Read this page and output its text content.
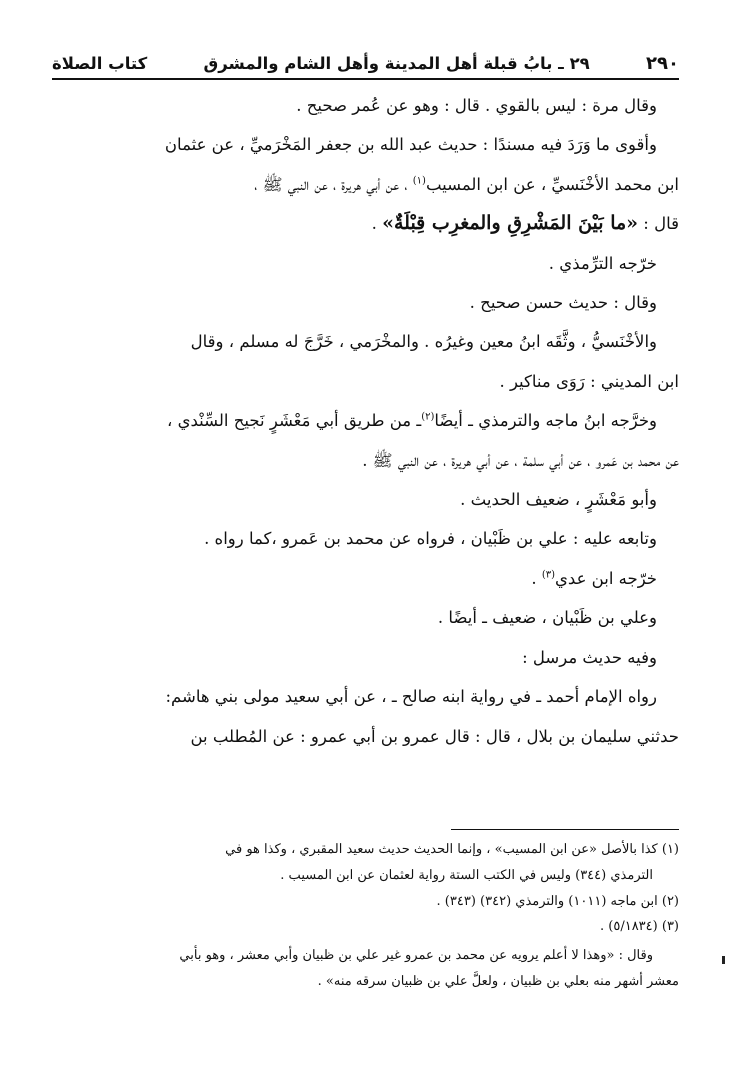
٢٩٠
٢٩ ـ بابُ قبلة أهل المدينة وأهل الشام والمشرق
كتاب الصلاة

وقال مرة : ليس بالقوي . قال : وهو عن عُمر صحيح .

وأقوى ما وَرَدَ فيه مسندًا : حديث عبد الله بن جعفر المَخْرَميِّ ، عن عثمان

ابن محمد الأخْنَسيِّ ، عن ابن المسيب$^{(١)}$ ، عن أبي هريرة ، عن النبي ﷺ ،

قال : «ما بَيْنَ المَشْرِقِ والمغرِب قِبْلَةٌ» .

خرّجه الترِّمذي .

وقال : حديث حسن صحيح .

والأخْنَسيُّ ، وثَّقَه ابنُ معين وغيرُه . والمخْرَمي ، خَرَّجَ له مسلم ، وقال

ابن المديني : رَوَى مناكير .

وخرَّجه ابنُ ماجه والترمذي ـ أيضًا$^{(٢)}$ـ من طريق أبي مَعْشَرٍ نَجيح السِّنْدي ،

عن محمد بن عَمرو ، عن أبي سلمة ، عن أبي هريرة ، عن النبي ﷺ .

وأبو مَعْشَرٍ ، ضعيف الحديث .

وتابعه عليه : علي بن ظَبْيان ، فرواه عن محمد بن عَمرو ،كما رواه .

خرّجه ابن عدي$^{(٣)}$ .

وعلي بن ظَبْيان ، ضعيف ـ أيضًا .

وفيه حديث مرسل :

رواه الإمام أحمد ـ في رواية ابنه صالح ـ ، عن أبي سعيد مولى بني هاشم:

حدثني سليمان بن بلال ، قال : قال عمرو بن أبي عمرو : عن المُطلب بن

(١) كذا بالأصل «عن ابن المسيب» ، وإنما الحديث حديث سعيد المقبري ، وكذا هو في

الترمذي (٣٤٤) وليس في الكتب الستة رواية لعثمان عن ابن المسيب .

(٢) ابن ماجه (١٠١١) والترمذي (٣٤٢) (٣٤٣) .

(٣) (٥/١٨٣٤) .

وقال : «وهذا لا أعلم يرويه عن محمد بن عمرو غير علي بن ظبيان وأبي معشر ، وهو بأبي

معشر أشهر منه بعلي بن ظبيان ، ولعلَّ علي بن ظبيان سرقه منه» .
